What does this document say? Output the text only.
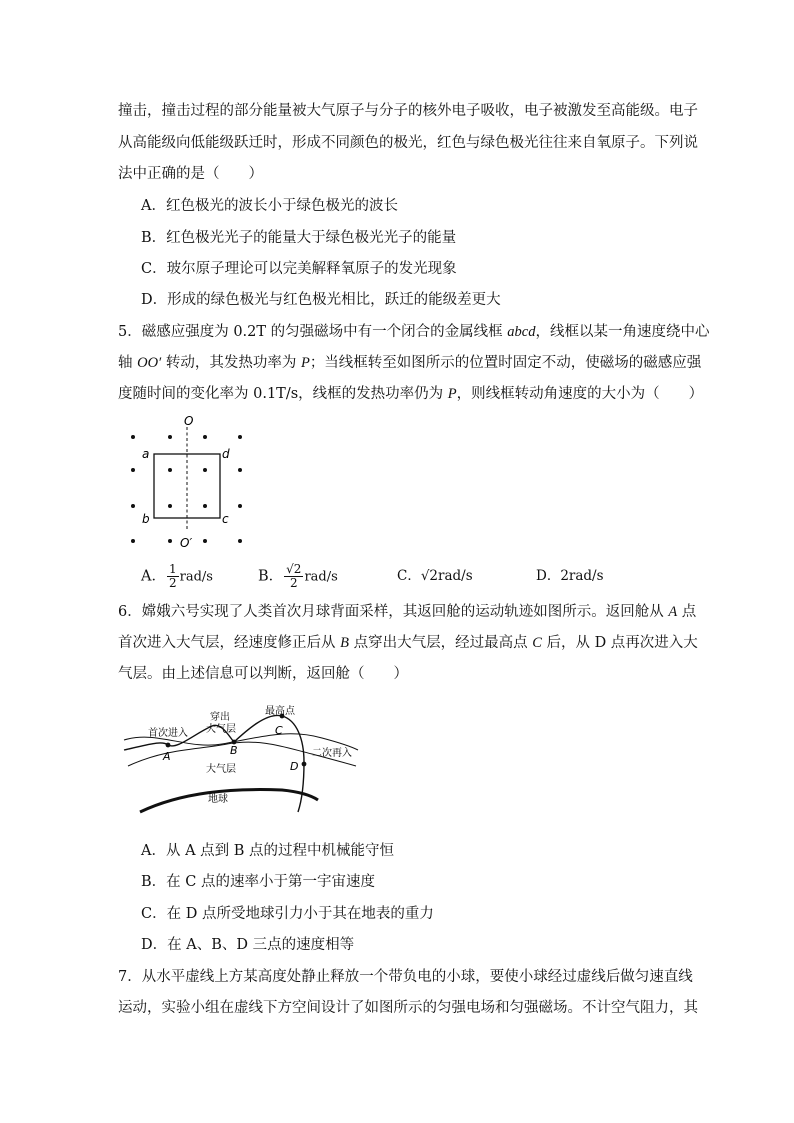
撞击，撞击过程的部分能量被大气原子与分子的核外电子吸收，电子被激发至高能级。电子
从高能级向低能级跃迁时，形成不同颜色的极光，红色与绿色极光往往来自氧原子。下列说
法中正确的是（　　）
A．红色极光的波长小于绿色极光的波长
B．红色极光光子的能量大于绿色极光光子的能量
C．玻尔原子理论可以完美解释氧原子的发光现象
D．形成的绿色极光与红色极光相比，跃迁的能级差更大
5．磁感应强度为 0.2T 的匀强磁场中有一个闭合的金属线框 abcd，线框以某一角速度绕中心
轴 OO′ 转动，其发热功率为 P；当线框转至如图所示的位置时固定不动，使磁场的磁感应强
度随时间的变化率为 0.1T/s，线框的发热功率仍为 P，则线框转动角速度的大小为（　　）
O
O′
a	d
b	c
A． $\frac{1}{2} rad/s$	B． $\frac{√2}{2} rad/s$	C．√2rad/s	D．2rad/s
6．嫦娥六号实现了人类首次月球背面采样，其返回舱的运动轨迹如图所示。返回舱从 A 点
首次进入大气层，经速度修正后从 B 点穿出大气层，经过最高点 C 后，从 D 点再次进入大
气层。由上述信息可以判断，返回舱（　　）
首次进入
穿出
大气层
最高点
二次再入
大气层
地球
A	B
C
D
A．从 A 点到 B 点的过程中机械能守恒
B．在 C 点的速率小于第一宇宙速度
C．在 D 点所受地球引力小于其在地表的重力
D．在 A、B、D 三点的速度相等
7．从水平虚线上方某高度处静止释放一个带负电的小球，要使小球经过虚线后做匀速直线
运动，实验小组在虚线下方空间设计了如图所示的匀强电场和匀强磁场。不计空气阻力，其
